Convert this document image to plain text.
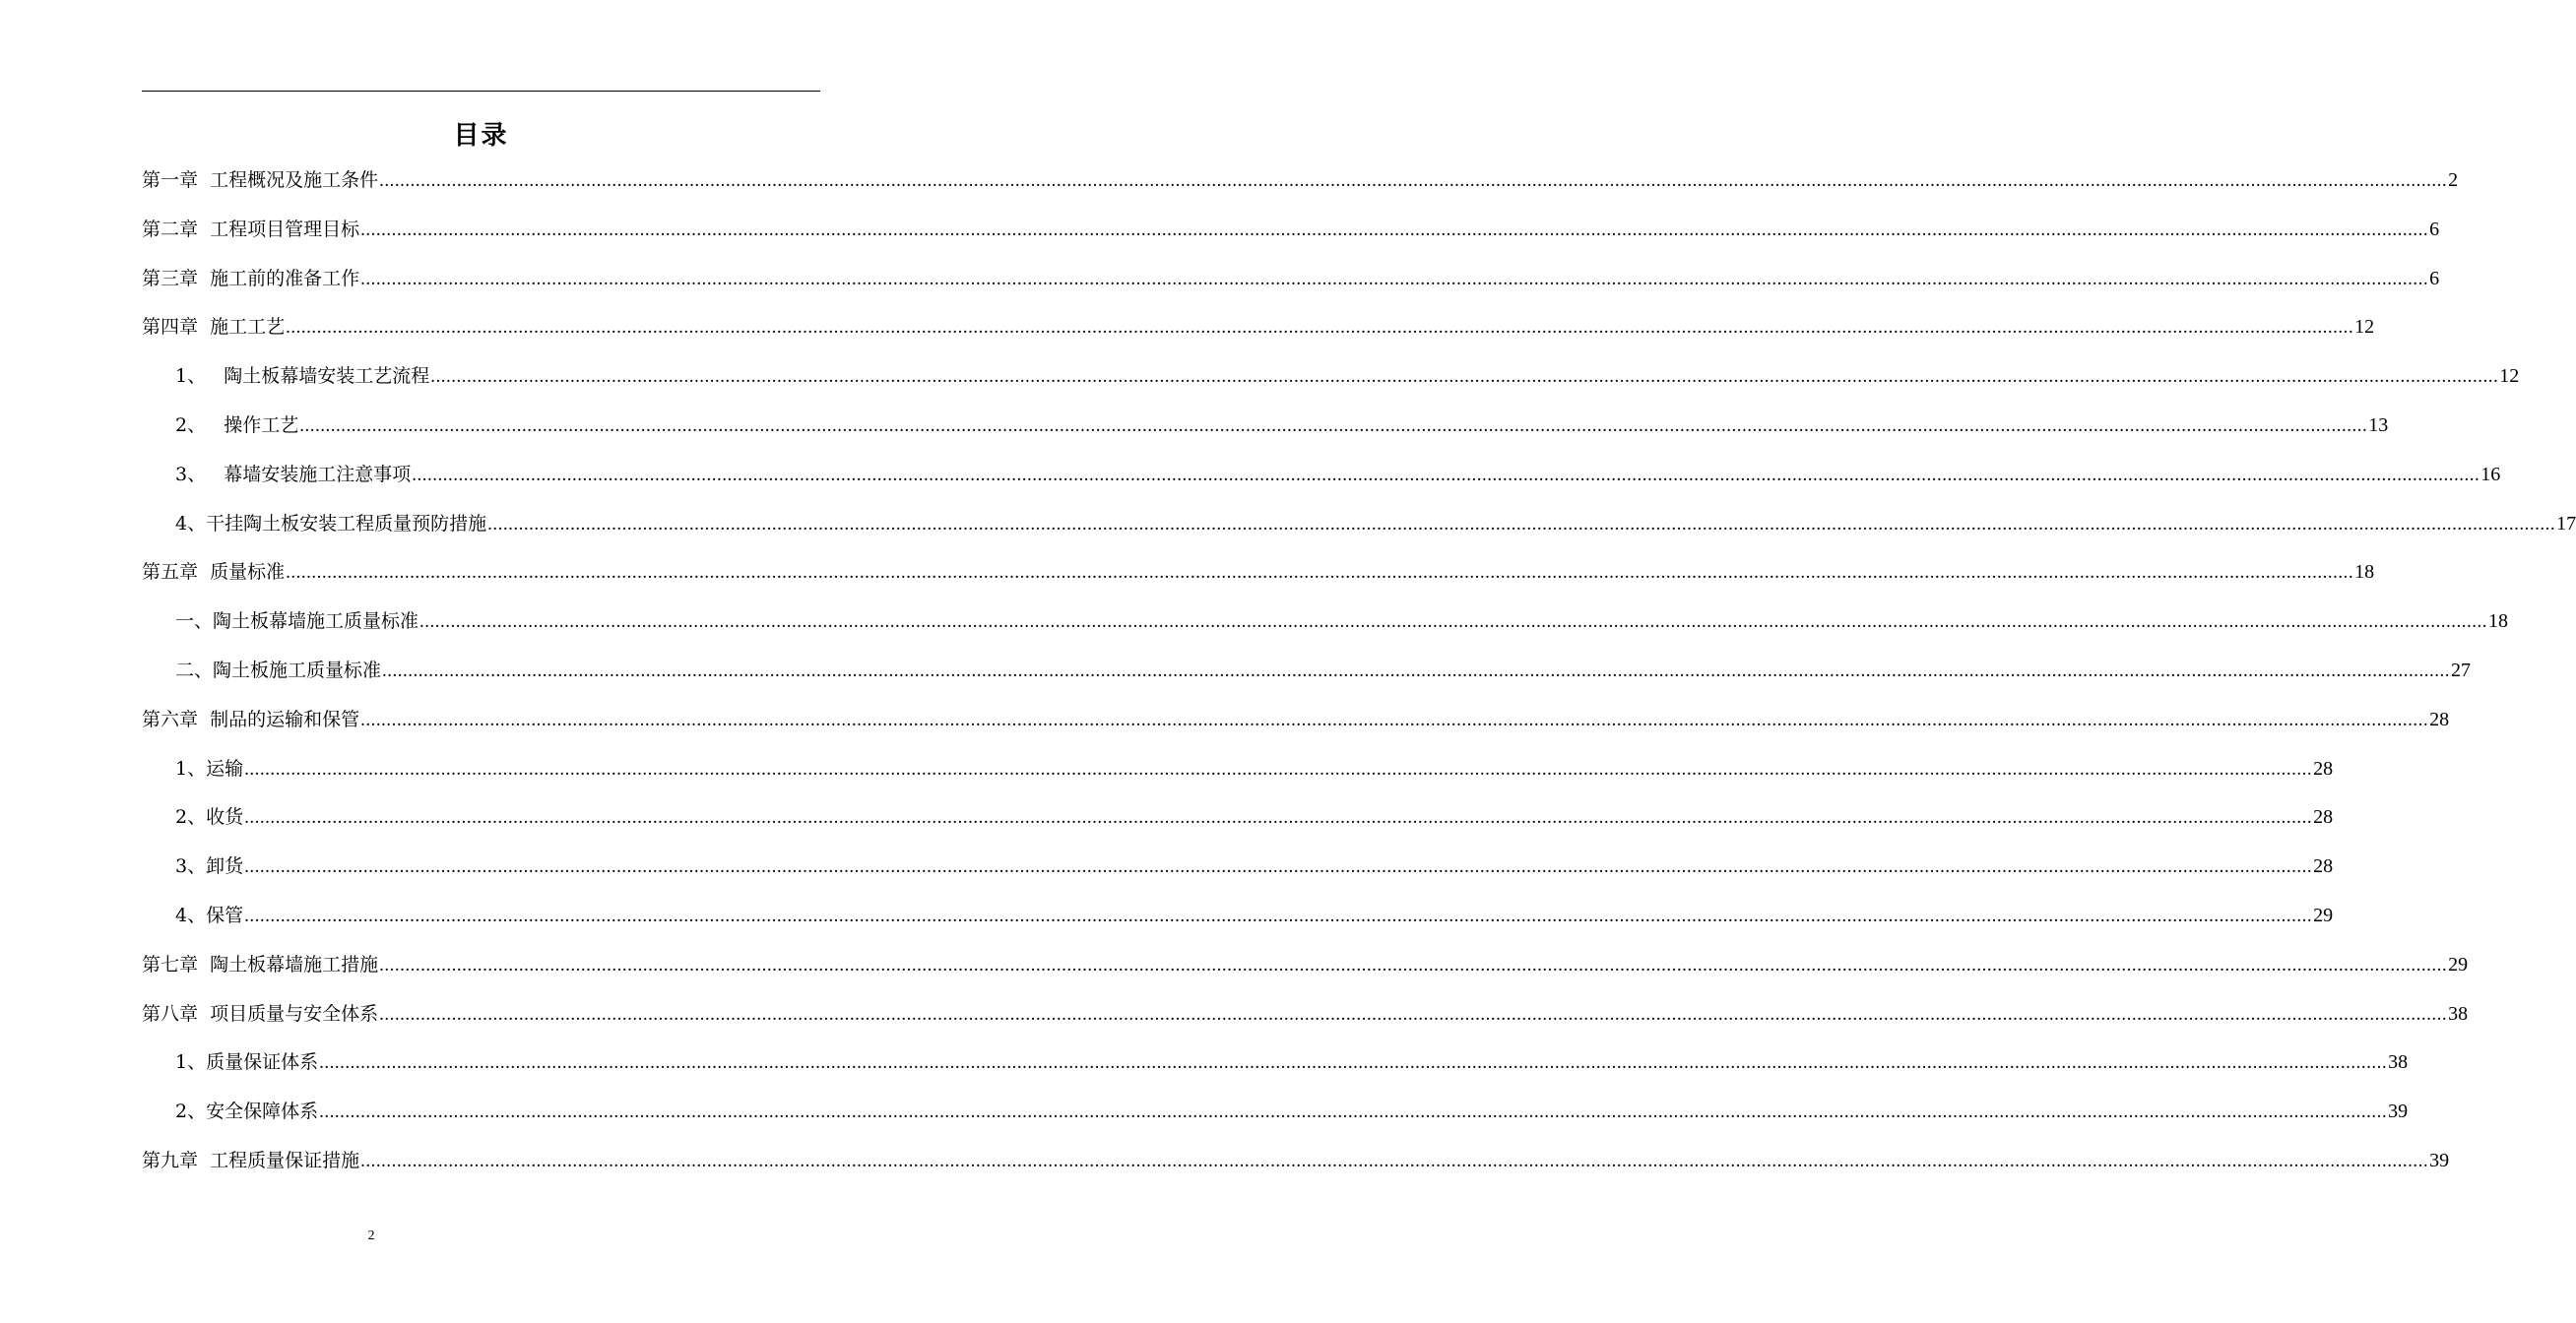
目录
第一章  工程概况及施工条件 ................................................................................................................................................................................................................................................................................................................................................................................................................ 2
第二章  工程项目管理目标 ................................................................................................................................................................................................................................................................................................................................................................................................................ 6
第三章  施工前的准备工作 ................................................................................................................................................................................................................................................................................................................................................................................................................ 6
第四章  施工工艺 ................................................................................................................................................................................................................................................................................................................................................................................................................ 12
1、   陶土板幕墙安装工艺流程 ................................................................................................................................................................................................................................................................................................................................................................................................................ 12
2、   操作工艺 ................................................................................................................................................................................................................................................................................................................................................................................................................ 13
3、   幕墙安装施工注意事项 ................................................................................................................................................................................................................................................................................................................................................................................................................ 16
4、干挂陶土板安装工程质量预防措施 ................................................................................................................................................................................................................................................................................................................................................................................................................ 17
第五章  质量标准 ................................................................................................................................................................................................................................................................................................................................................................................................................ 18
一、陶土板幕墙施工质量标准 ................................................................................................................................................................................................................................................................................................................................................................................................................ 18
二、陶土板施工质量标准 ................................................................................................................................................................................................................................................................................................................................................................................................................ 27
第六章  制品的运输和保管 ................................................................................................................................................................................................................................................................................................................................................................................................................ 28
1、运输 ................................................................................................................................................................................................................................................................................................................................................................................................................ 28
2、收货 ................................................................................................................................................................................................................................................................................................................................................................................................................ 28
3、卸货 ................................................................................................................................................................................................................................................................................................................................................................................................................ 28
4、保管 ................................................................................................................................................................................................................................................................................................................................................................................................................ 29
第七章  陶土板幕墙施工措施 ................................................................................................................................................................................................................................................................................................................................................................................................................ 29
第八章  项目质量与安全体系 ................................................................................................................................................................................................................................................................................................................................................................................................................ 38
1、质量保证体系 ................................................................................................................................................................................................................................................................................................................................................................................................................ 38
2、安全保障体系 ................................................................................................................................................................................................................................................................................................................................................................................................................ 39
第九章  工程质量保证措施 ................................................................................................................................................................................................................................................................................................................................................................................................................ 39
2
